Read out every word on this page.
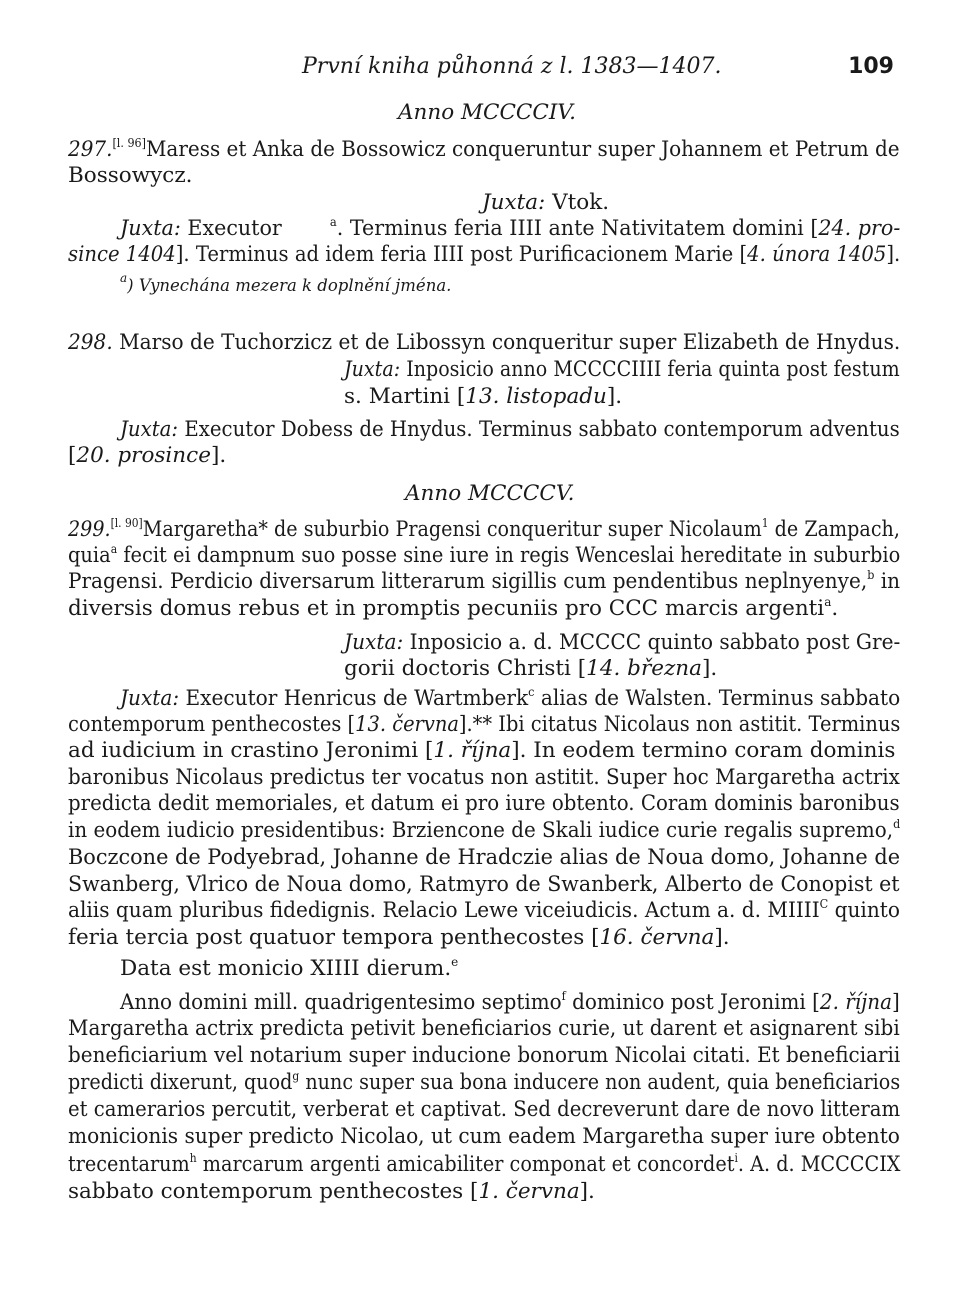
První kniha půhonná z l. 1383—1407.	109
Anno MCCCCIV.
297.[l. 96]Maress et Anka de Bossowicz conqueruntur super Johannem et Petrum de
Bossowycz.
Juxta: Vtok.
Juxta: Executor	$^a$. Terminus feria IIII ante Nativitatem domini [24. pro-
since 1404]. Terminus ad idem feria IIII post Purificacionem Marie [4. února 1405].
$^a$) Vynechána mezera k doplnění jména.
298. Marso de Tuchorzicz et de Libossyn conqueritur super Elizabeth de Hnydus.
Juxta: Inposicio anno MCCCCIIII feria quinta post festum
s. Martini [13. listopadu].
Juxta: Executor Dobess de Hnydus. Terminus sabbato contemporum adventus
[20. prosince].
Anno MCCCCV.
299.[l. 90]Margaretha* de suburbio Pragensi conqueritur super Nicolaum$^1$ de Zampach,
quia$^a$ fecit ei dampnum suo posse sine iure in regis Wenceslai hereditate in suburbio
Pragensi. Perdicio diversarum litterarum sigillis cum pendentibus neplnyenye,$^b$ in
diversis domus rebus et in promptis pecuniis pro CCC marcis argenti$^a$.
Juxta: Inposicio a. d. MCCCC quinto sabbato post Gre-
gorii doctoris Christi [14. března].
Juxta: Executor Henricus de Wartmberk$^c$ alias de Walsten. Terminus sabbato
contemporum penthecostes [13. června].** Ibi citatus Nicolaus non astitit. Terminus
ad iudicium in crastino Jeronimi [1. října]. In eodem termino coram dominis
baronibus Nicolaus predictus ter vocatus non astitit. Super hoc Margaretha actrix
predicta dedit memoriales, et datum ei pro iure obtento. Coram dominis baronibus
in eodem iudicio presidentibus: Brziencone de Skali iudice curie regalis supremo,$^d$
Boczcone de Podyebrad, Johanne de Hradczie alias de Noua domo, Johanne de
Swanberg, Vlrico de Noua domo, Ratmyro de Swanberk, Alberto de Conopist et
aliis quam pluribus fidedignis. Relacio Lewe viceiudicis. Actum a. d. $MIIII^C$ quinto
feria tercia post quatuor tempora penthecostes [16. června].
Data est monicio XIIII dierum.$^e$
Anno domini mill. quadrigentesimo septimo$^f$ dominico post Jeronimi [2. října]
Margaretha actrix predicta petivit beneficiarios curie, ut darent et asignarent sibi
beneficiarium vel notarium super inducione bonorum Nicolai citati. Et beneficiarii
predicti dixerunt, quod$^g$ nunc super sua bona inducere non audent, quia beneficiarios
et camerarios percutit, verberat et captivat. Sed decreverunt dare de novo litteram
monicionis super predicto Nicolao, ut cum eadem Margaretha super iure obtento
trecentarum$^h$ marcarum argenti amicabiliter componat et concordet$^i$. A. d. MCCCCIX
sabbato contemporum penthecostes [1. června].
